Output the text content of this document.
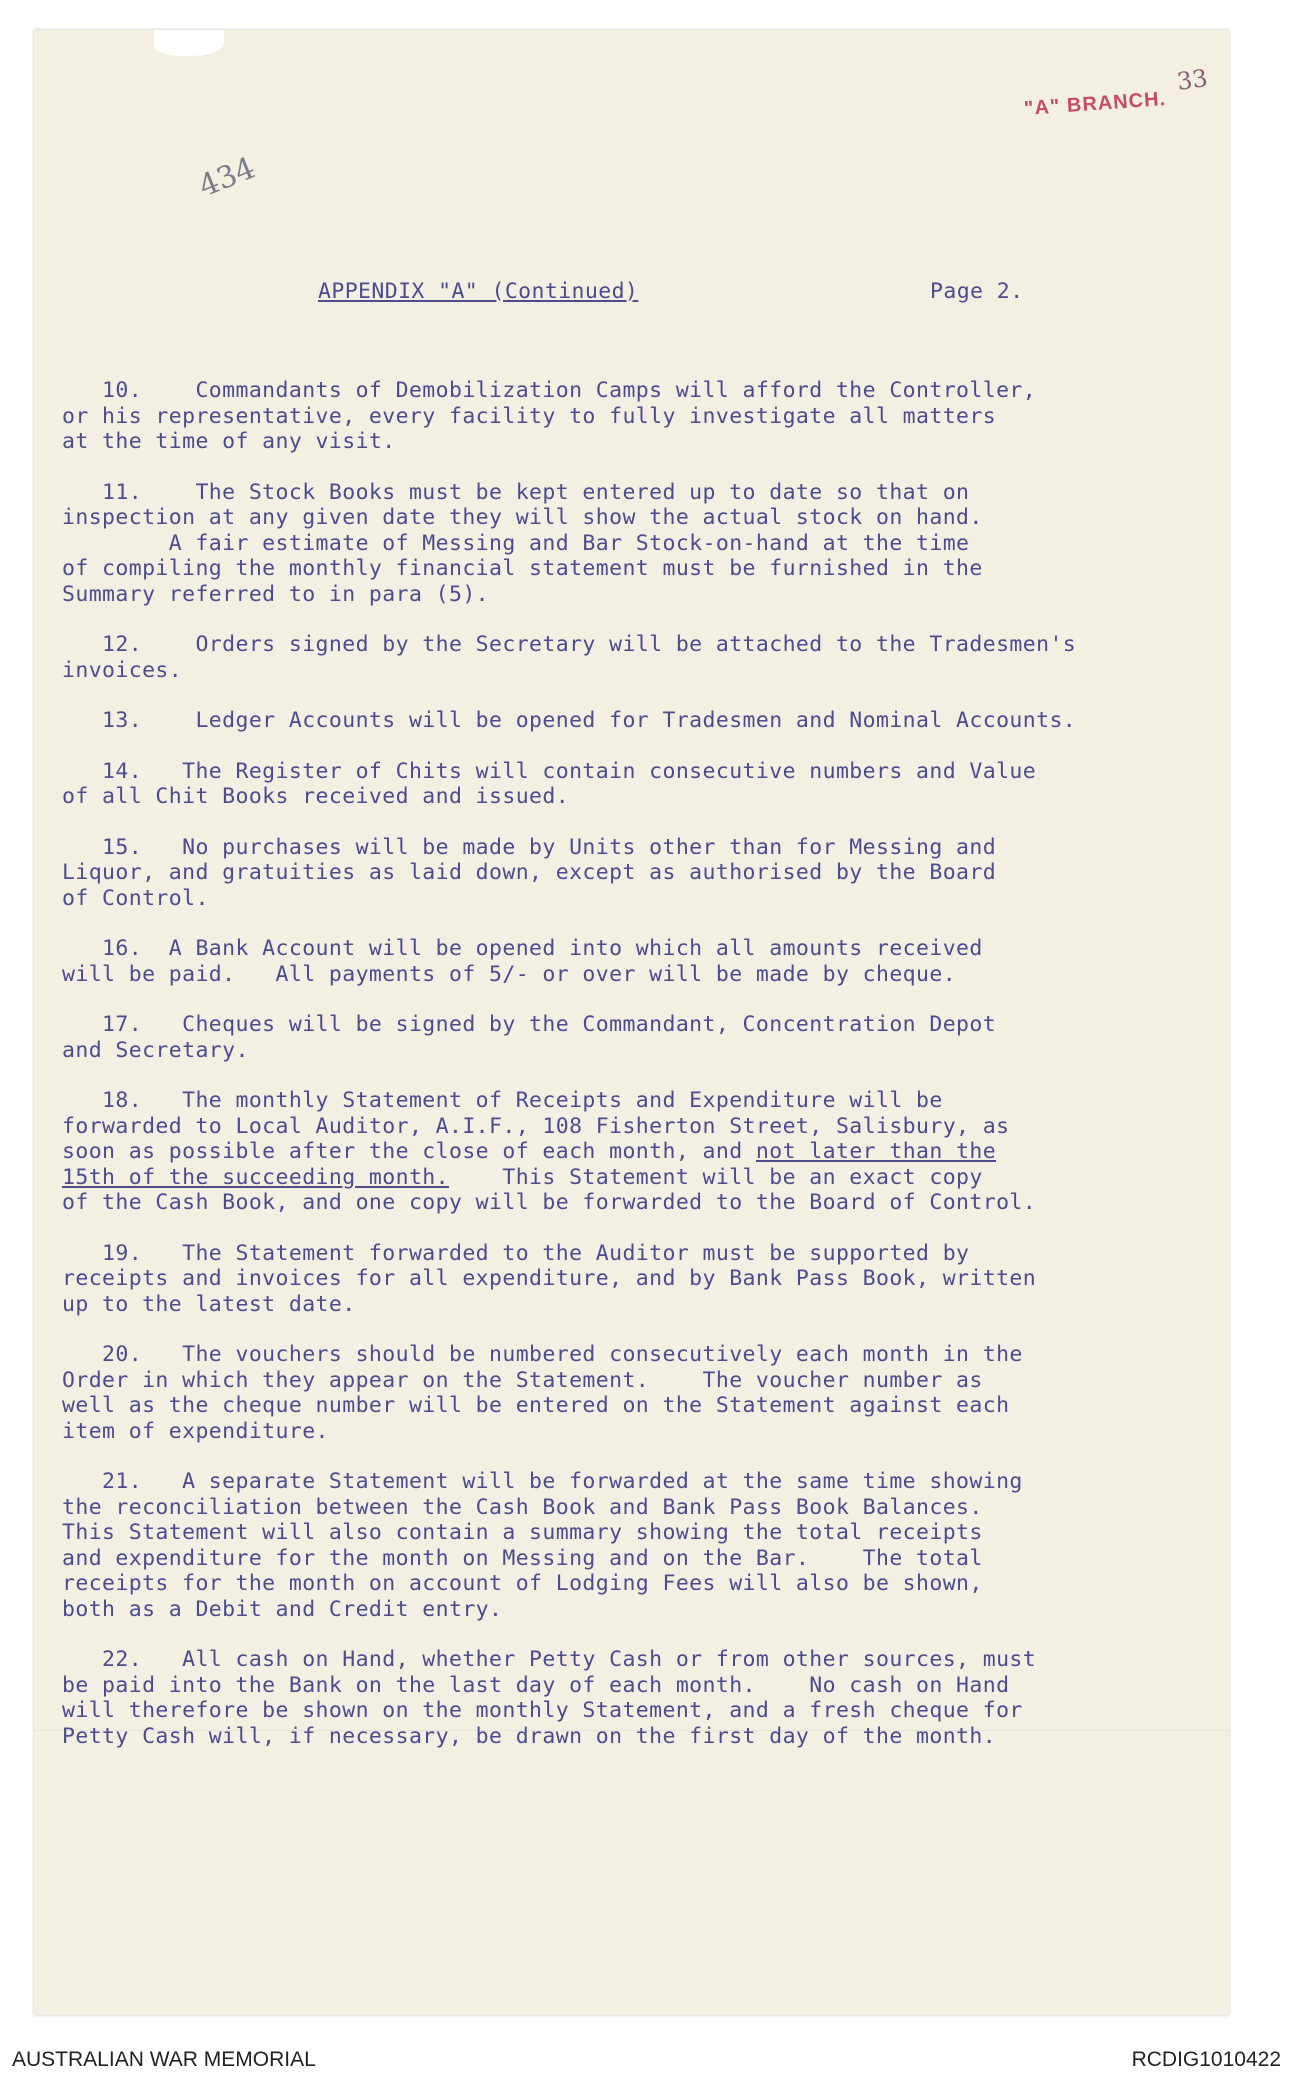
434
"A" BRANCH.
33

APPENDIX "A" (Continued)

	Page 2.

10.    Commandants of Demobilization Camps will afford the Controller,
or his representative, every facility to fully investigate all matters
at the time of any visit.
11.    The Stock Books must be kept entered up to date so that on
inspection at any given date they will show the actual stock on hand.
A fair estimate of Messing and Bar Stock-on-hand at the time
of compiling the monthly financial statement must be furnished in the
Summary referred to in para (5).
12.    Orders signed by the Secretary will be attached to the Tradesmen's
invoices.
13.    Ledger Accounts will be opened for Tradesmen and Nominal Accounts.
14.   The Register of Chits will contain consecutive numbers and Value
of all Chit Books received and issued.
15.   No purchases will be made by Units other than for Messing and
Liquor, and gratuities as laid down, except as authorised by the Board
of Control.
16.  A Bank Account will be opened into which all amounts received
will be paid.   All payments of 5/- or over will be made by cheque.
17.   Cheques will be signed by the Commandant, Concentration Depot
and Secretary.
18.   The monthly Statement of Receipts and Expenditure will be
forwarded to Local Auditor, A.I.F., 108 Fisherton Street, Salisbury, as
soon as possible after the close of each month, and not later than the
15th of the succeeding month.    This Statement will be an exact copy
of the Cash Book, and one copy will be forwarded to the Board of Control.
19.   The Statement forwarded to the Auditor must be supported by
receipts and invoices for all expenditure, and by Bank Pass Book, written
up to the latest date.
20.   The vouchers should be numbered consecutively each month in the
Order in which they appear on the Statement.    The voucher number as
well as the cheque number will be entered on the Statement against each
item of expenditure.
21.   A separate Statement will be forwarded at the same time showing
the reconciliation between the Cash Book and Bank Pass Book Balances.
This Statement will also contain a summary showing the total receipts
and expenditure for the month on Messing and on the Bar.    The total
receipts for the month on account of Lodging Fees will also be shown,
both as a Debit and Credit entry.
22.   All cash on Hand, whether Petty Cash or from other sources, must
be paid into the Bank on the last day of each month.    No cash on Hand
will therefore be shown on the monthly Statement, and a fresh cheque for
Petty Cash will, if necessary, be drawn on the first day of the month.

AUSTRALIAN WAR MEMORIAL	RCDIG1010422
